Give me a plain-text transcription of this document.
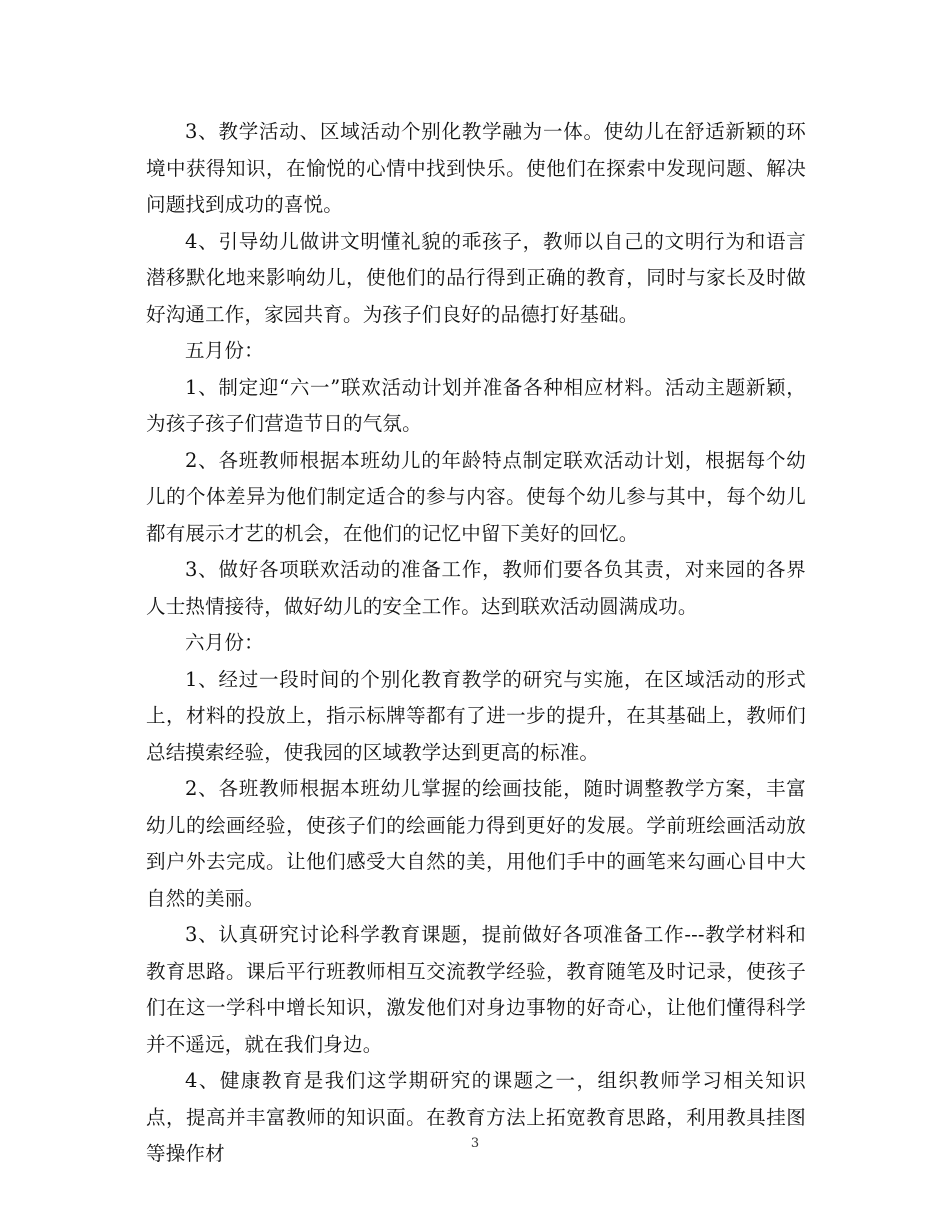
3、教学活动、区域活动个别化教学融为一体。使幼儿在舒适新颖的环境中获得知识，在愉悦的心情中找到快乐。使他们在探索中发现问题、解决问题找到成功的喜悦。

4、引导幼儿做讲文明懂礼貌的乖孩子，教师以自己的文明行为和语言潜移默化地来影响幼儿，使他们的品行得到正确的教育，同时与家长及时做好沟通工作，家园共育。为孩子们良好的品德打好基础。

五月份：

1、制定迎“六一”联欢活动计划并准备各种相应材料。活动主题新颖，为孩子孩子们营造节日的气氛。

2、各班教师根据本班幼儿的年龄特点制定联欢活动计划，根据每个幼儿的个体差异为他们制定适合的参与内容。使每个幼儿参与其中，每个幼儿都有展示才艺的机会，在他们的记忆中留下美好的回忆。

3、做好各项联欢活动的准备工作，教师们要各负其责，对来园的各界人士热情接待，做好幼儿的安全工作。达到联欢活动圆满成功。

六月份：

1、经过一段时间的个别化教育教学的研究与实施，在区域活动的形式上，材料的投放上，指示标牌等都有了进一步的提升，在其基础上，教师们总结摸索经验，使我园的区域教学达到更高的标准。

2、各班教师根据本班幼儿掌握的绘画技能，随时调整教学方案，丰富幼儿的绘画经验，使孩子们的绘画能力得到更好的发展。学前班绘画活动放到户外去完成。让他们感受大自然的美，用他们手中的画笔来勾画心目中大自然的美丽。

3、认真研究讨论科学教育课题，提前做好各项准备工作---教学材料和教育思路。课后平行班教师相互交流教学经验，教育随笔及时记录，使孩子们在这一学科中增长知识，激发他们对身边事物的好奇心，让他们懂得科学并不遥远，就在我们身边。

4、健康教育是我们这学期研究的课题之一，组织教师学习相关知识点，提高并丰富教师的知识面。在教育方法上拓宽教育思路，利用教具挂图等操作材	3
